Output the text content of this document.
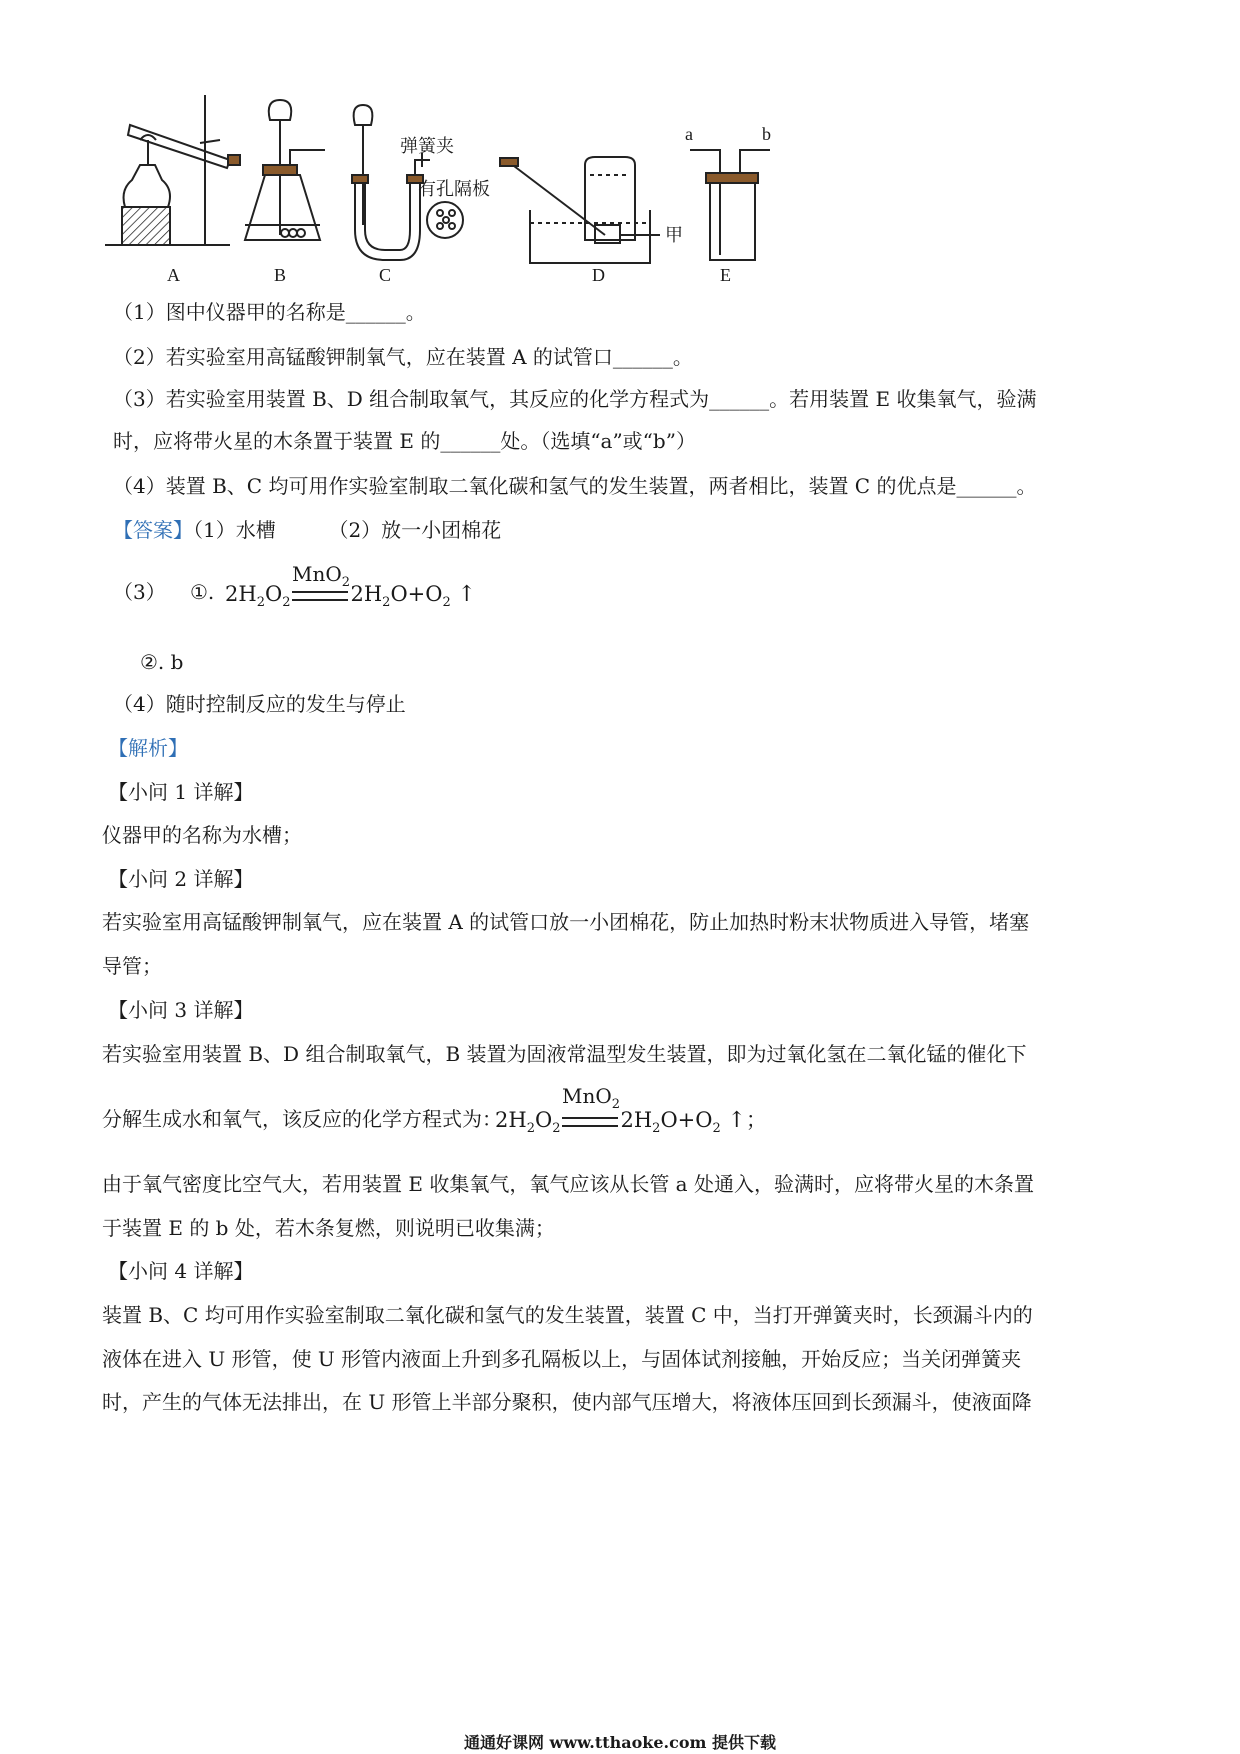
A	B	C	D	E
弹簧夹
有孔隔板
甲
a	b
（1）图中仪器甲的名称是______。
（2）若实验室用高锰酸钾制氧气，应在装置 A 的试管口______。
（3）若实验室用装置 B、D 组合制取氧气，其反应的化学方程式为______。若用装置 E 收集氧气，验满
时，应将带火星的木条置于装置 E 的______处。（选填“a”或“b”）
（4）装置 B、C 均可用作实验室制取二氧化碳和氢气的发生装置，两者相比，装置 C 的优点是______。
【答案】（1）水槽	（2）放一小团棉花
（3） ①.
MnO$_2$
$2H_2O_2$	$2H_2O+O_2$ ↑
②. b
（4）随时控制反应的发生与停止
【解析】
【小问 1 详解】
仪器甲的名称为水槽；
【小问 2 详解】
若实验室用高锰酸钾制氧气，应在装置 A 的试管口放一小团棉花，防止加热时粉末状物质进入导管，堵塞
导管；
【小问 3 详解】
若实验室用装置 B、D 组合制取氧气，B 装置为固液常温型发生装置，即为过氧化氢在二氧化锰的催化下
分解生成水和氧气，该反应的化学方程式为：
MnO$_2$
$2H_2O_2$	$2H_2O+O_2$ ↑；
由于氧气密度比空气大，若用装置 E 收集氧气，氧气应该从长管 a 处通入，验满时，应将带火星的木条置
于装置 E 的 b 处，若木条复燃，则说明已收集满；
【小问 4 详解】
装置 B、C 均可用作实验室制取二氧化碳和氢气的发生装置，装置 C 中，当打开弹簧夹时，长颈漏斗内的
液体在进入 U 形管，使 U 形管内液面上升到多孔隔板以上，与固体试剂接触，开始反应；当关闭弹簧夹
时，产生的气体无法排出，在 U 形管上半部分聚积，使内部气压增大，将液体压回到长颈漏斗，使液面降
通通好课网 www.tthaoke.com 提供下载
